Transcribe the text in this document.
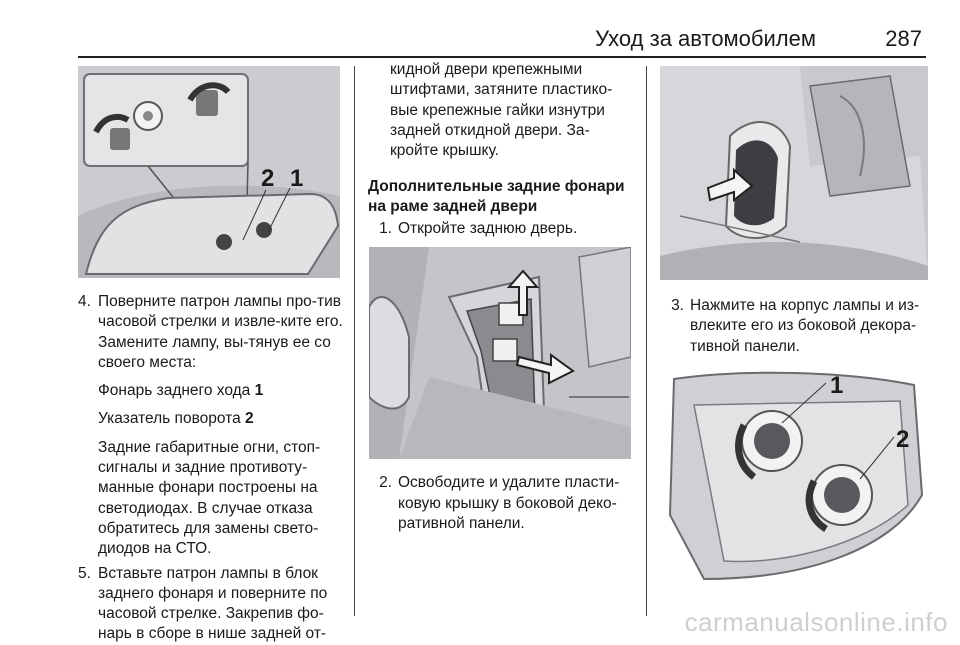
Уход за автомобилем	287
2 1
4. Поверните патрон лампы про-тив часовой стрелки и извле-ките его. Замените лампу, вы-тянув ее со своего места:

Фонарь заднего хода 1

Указатель поворота 2

Задние габаритные огни, стоп-сигналы и задние противоту-манные фонари построены на светодиодах. В случае отказа обратитесь для замены свето-диодов на СТО.

5. Вставьте патрон лампы в блок заднего фонаря и поверните по часовой стрелке. Закрепив фо-нарь в сборе в нише задней от-

кидной двери крепежными штифтами, затяните пластико-вые крепежные гайки изнутри задней откидной двери. За-кройте крышку.

Дополнительные задние фонари на раме задней двери
1. Откройте заднюю дверь.
2. Освободите и удалите пласти-ковую крышку в боковой деко-ративной панели.
3. Нажмите на корпус лампы и из-влеките его из боковой декора-тивной панели.
1
2
carmanualsonline.info
